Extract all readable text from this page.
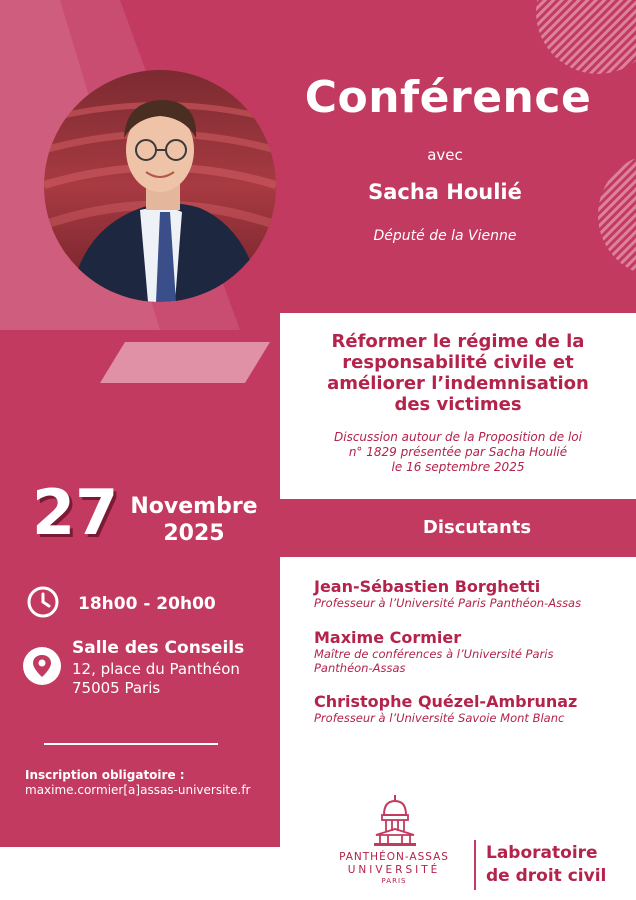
Conférence
avec
Sacha Houlié
Député de la Vienne
Réformer le régime de la
responsabilité civile et
améliorer l’indemnisation
des victimes
Discussion autour de la Proposition de loi
n° 1829 présentée par Sacha Houlié
le 16 septembre 2025
27 Novembre
2025	Discutants
Jean-Sébastien Borghetti
Professeur à l’Université Paris Panthéon-Assas
Maxime Cormier
Maître de conférences à l’Université Paris
Panthéon-Assas
Christophe Quézel-Ambrunaz
Professeur à l’Université Savoie Mont Blanc
18h00 - 20h00
Salle des Conseils
12, place du Panthéon
75005 Paris
Inscription obligatoire :
maxime.cormier[a]assas-universite.fr
PANTHÉON-ASSAS
UNIVERSITÉ
PARIS
Laboratoire
de droit civil
